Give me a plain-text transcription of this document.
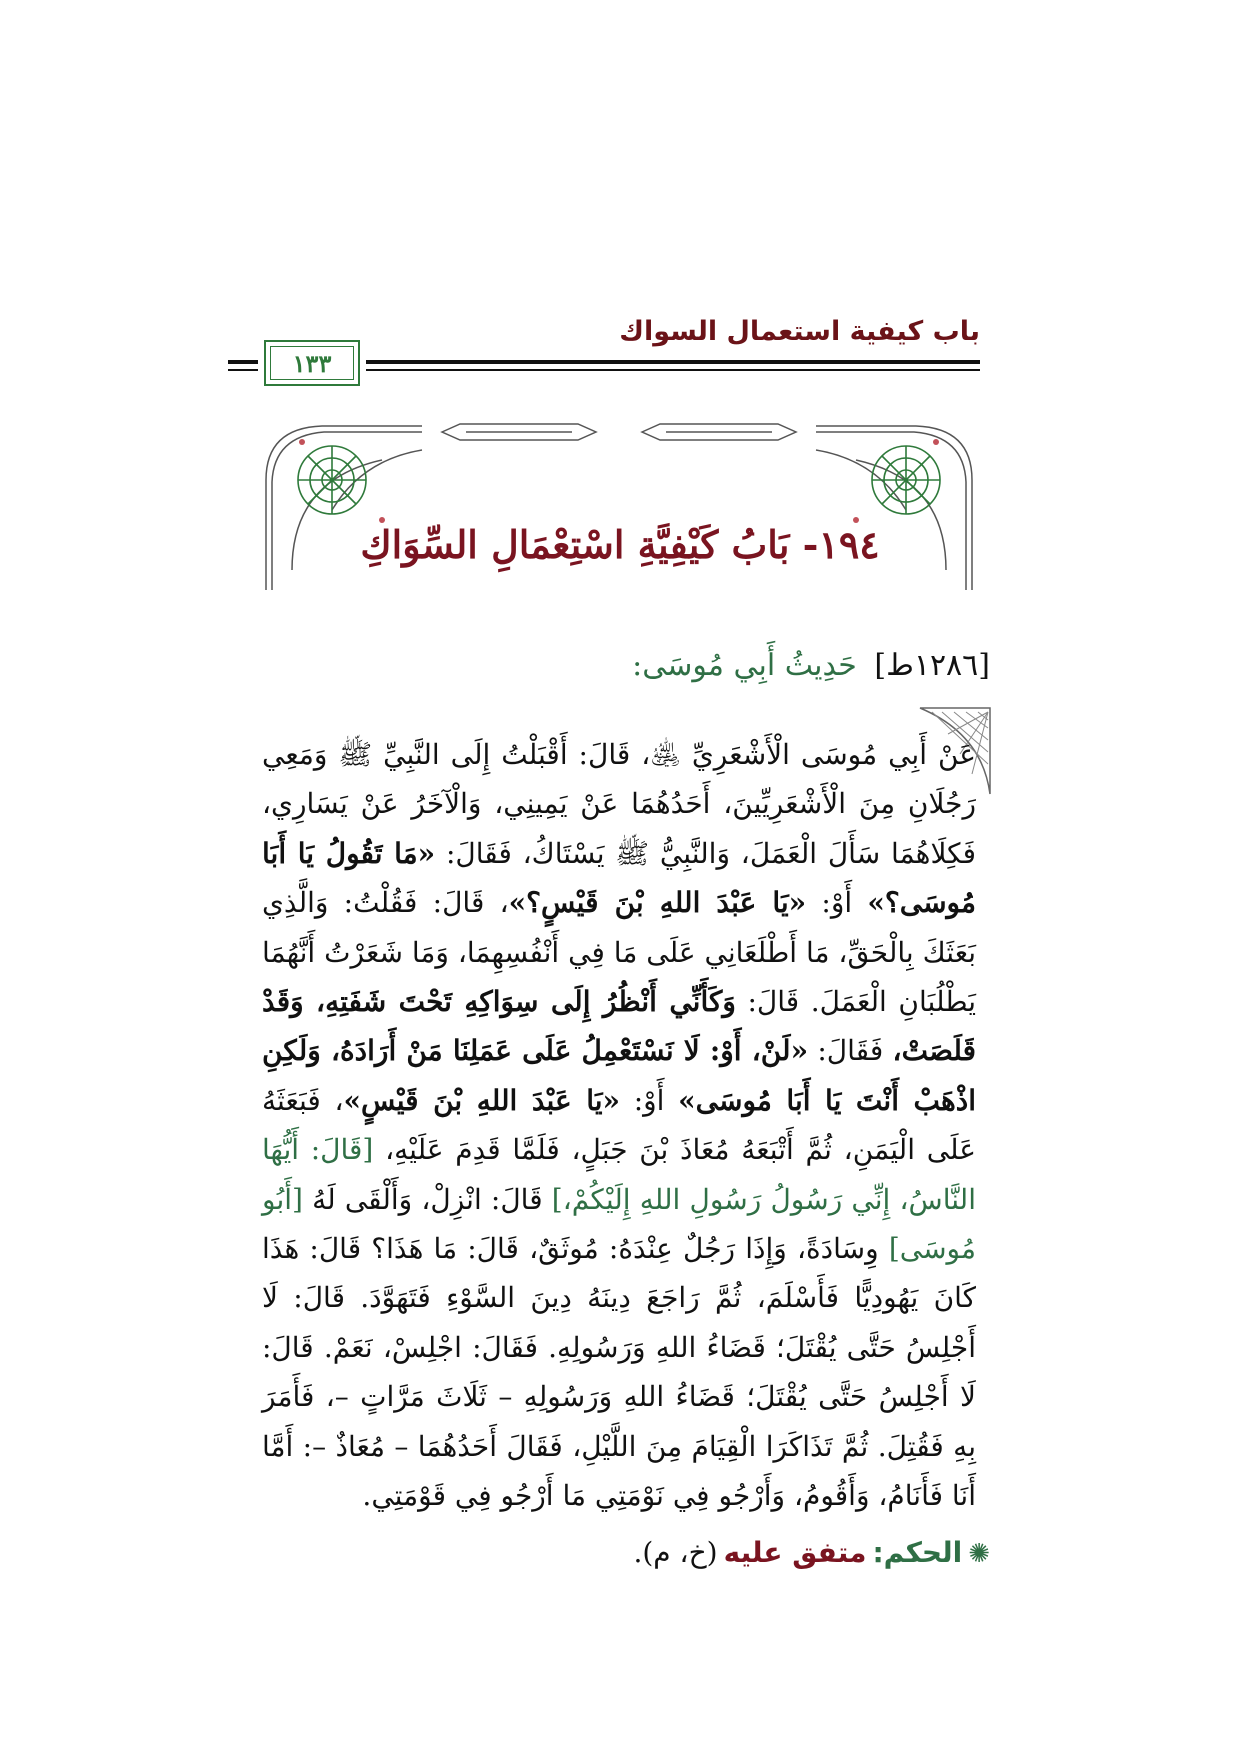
باب كيفية استعمال السواك
١٣٣
١٩٤- بَابُ كَيْفِيَّةِ اسْتِعْمَالِ السِّوَاكِ
[١٢٨٦ط] حَدِيثُ أَبِي مُوسَى:
عَنْ أَبِي مُوسَى الْأَشْعَرِيِّ ﵁، قَالَ: أَقْبَلْتُ إِلَى النَّبِيِّ ﷺ وَمَعِي رَجُلَانِ مِنَ الْأَشْعَرِيِّينَ، أَحَدُهُمَا عَنْ يَمِينِي، وَالْآخَرُ عَنْ يَسَارِي، فَكِلَاهُمَا سَأَلَ الْعَمَلَ، وَالنَّبِيُّ ﷺ يَسْتَاكُ، فَقَالَ: «مَا تَقُولُ يَا أَبَا مُوسَى؟» أَوْ: «يَا عَبْدَ اللهِ بْنَ قَيْسٍ؟»، قَالَ: فَقُلْتُ: وَالَّذِي بَعَثَكَ بِالْحَقِّ، مَا أَطْلَعَانِي عَلَى مَا فِي أَنْفُسِهِمَا، وَمَا شَعَرْتُ أَنَّهُمَا يَطْلُبَانِ الْعَمَلَ. قَالَ: وَكَأَنِّي أَنْظُرُ إِلَى سِوَاكِهِ تَحْتَ شَفَتِهِ، وَقَدْ قَلَصَتْ، فَقَالَ: «لَنْ، أَوْ: لَا نَسْتَعْمِلُ عَلَى عَمَلِنَا مَنْ أَرَادَهُ، وَلَكِنِ اذْهَبْ أَنْتَ يَا أَبَا مُوسَى» أَوْ: «يَا عَبْدَ اللهِ بْنَ قَيْسٍ»، فَبَعَثَهُ عَلَى الْيَمَنِ، ثُمَّ أَتْبَعَهُ مُعَاذَ بْنَ جَبَلٍ، فَلَمَّا قَدِمَ عَلَيْهِ، [قَالَ: أَيُّهَا النَّاسُ، إِنِّي رَسُولُ رَسُولِ اللهِ إِلَيْكُمْ،] قَالَ: انْزِلْ، وَأَلْقَى لَهُ [أَبُو مُوسَى] وِسَادَةً، وَإِذَا رَجُلٌ عِنْدَهُ: مُوثَقٌ، قَالَ: مَا هَذَا؟ قَالَ: هَذَا كَانَ يَهُودِيًّا فَأَسْلَمَ، ثُمَّ رَاجَعَ دِينَهُ دِينَ السَّوْءِ فَتَهَوَّدَ. قَالَ: لَا أَجْلِسُ حَتَّى يُقْتَلَ؛ قَضَاءُ اللهِ وَرَسُولِهِ. فَقَالَ: اجْلِسْ، نَعَمْ. قَالَ: لَا أَجْلِسُ حَتَّى يُقْتَلَ؛ قَضَاءُ اللهِ وَرَسُولِهِ – ثَلَاثَ مَرَّاتٍ –، فَأَمَرَ بِهِ فَقُتِلَ. ثُمَّ تَذَاكَرَا الْقِيَامَ مِنَ اللَّيْلِ، فَقَالَ أَحَدُهُمَا – مُعَاذٌ –: أَمَّا أَنَا فَأَنَامُ، وَأَقُومُ، وَأَرْجُو فِي نَوْمَتِي مَا أَرْجُو فِي قَوْمَتِي.
✺الحكم:متفق عليه(خ، م).
